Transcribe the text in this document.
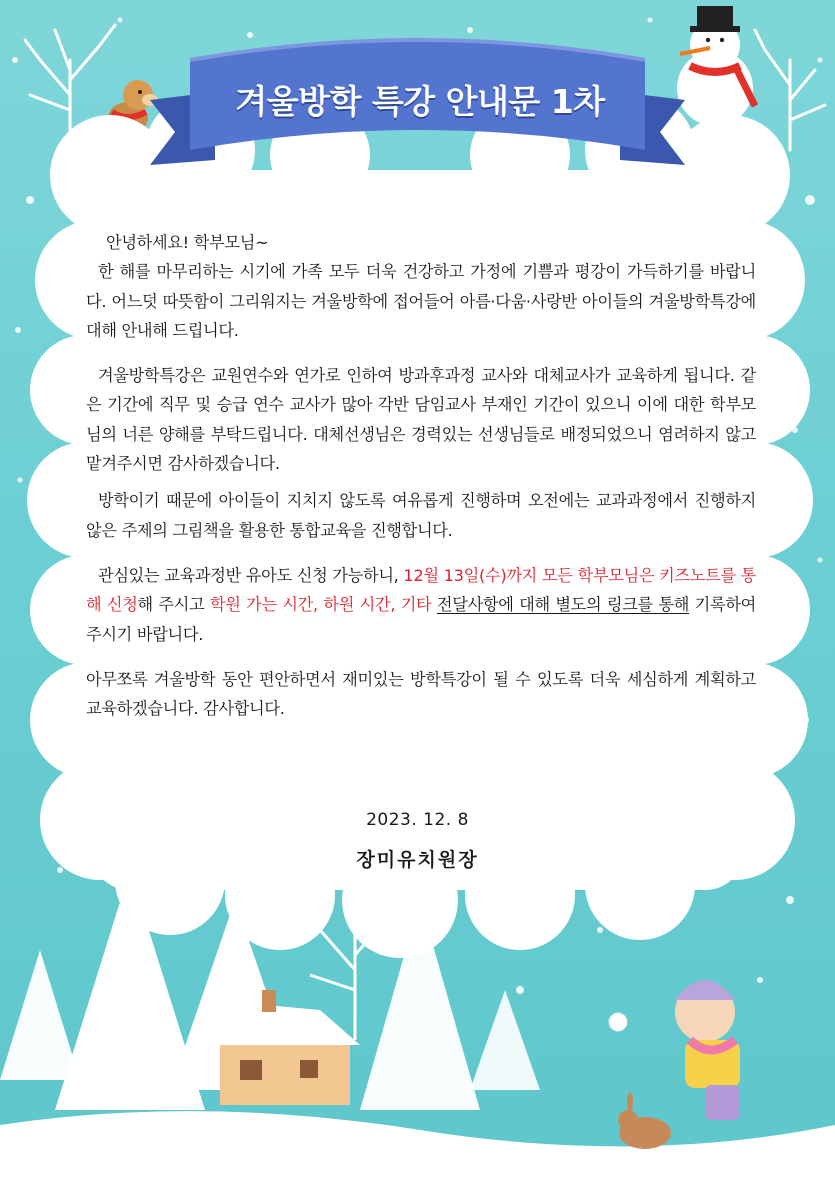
겨울방학 특강 안내문 1차

안녕하세요! 학부모님~

한 해를 마무리하는 시기에 가족 모두 더욱 건강하고 가정에 기쁨과 평강이 가득하기를 바랍니다. 어느덧 따뜻함이 그리워지는 겨울방학에 접어들어 아름·다움·사랑반 아이들의 겨울방학특강에 대해 안내해 드립니다.

겨울방학특강은 교원연수와 연가로 인하여 방과후과정 교사와 대체교사가 교육하게 됩니다. 같은 기간에 직무 및 승급 연수 교사가 많아 각반 담임교사 부재인 기간이 있으니 이에 대한 학부모님의 너른 양해를 부탁드립니다. 대체선생님은 경력있는 선생님들로 배정되었으니 염려하지 않고 맡겨주시면 감사하겠습니다.

방학이기 때문에 아이들이 지치지 않도록 여유롭게 진행하며 오전에는 교과과정에서 진행하지 않은 주제의 그림책을 활용한 통합교육을 진행합니다.

관심있는 교육과정반 유아도 신청 가능하니, 12월 13일(수)까지 모든 학부모님은 키즈노트를 통해 신청해 주시고 학원 가는 시간, 하원 시간, 기타 전달사항에 대해 별도의 링크를 통해 기록하여 주시기 바랍니다.

아무쪼록 겨울방학 동안 편안하면서 재미있는 방학특강이 될 수 있도록 더욱 세심하게 계획하고 교육하겠습니다. 감사합니다.

2023. 12. 8
장미유치원장
